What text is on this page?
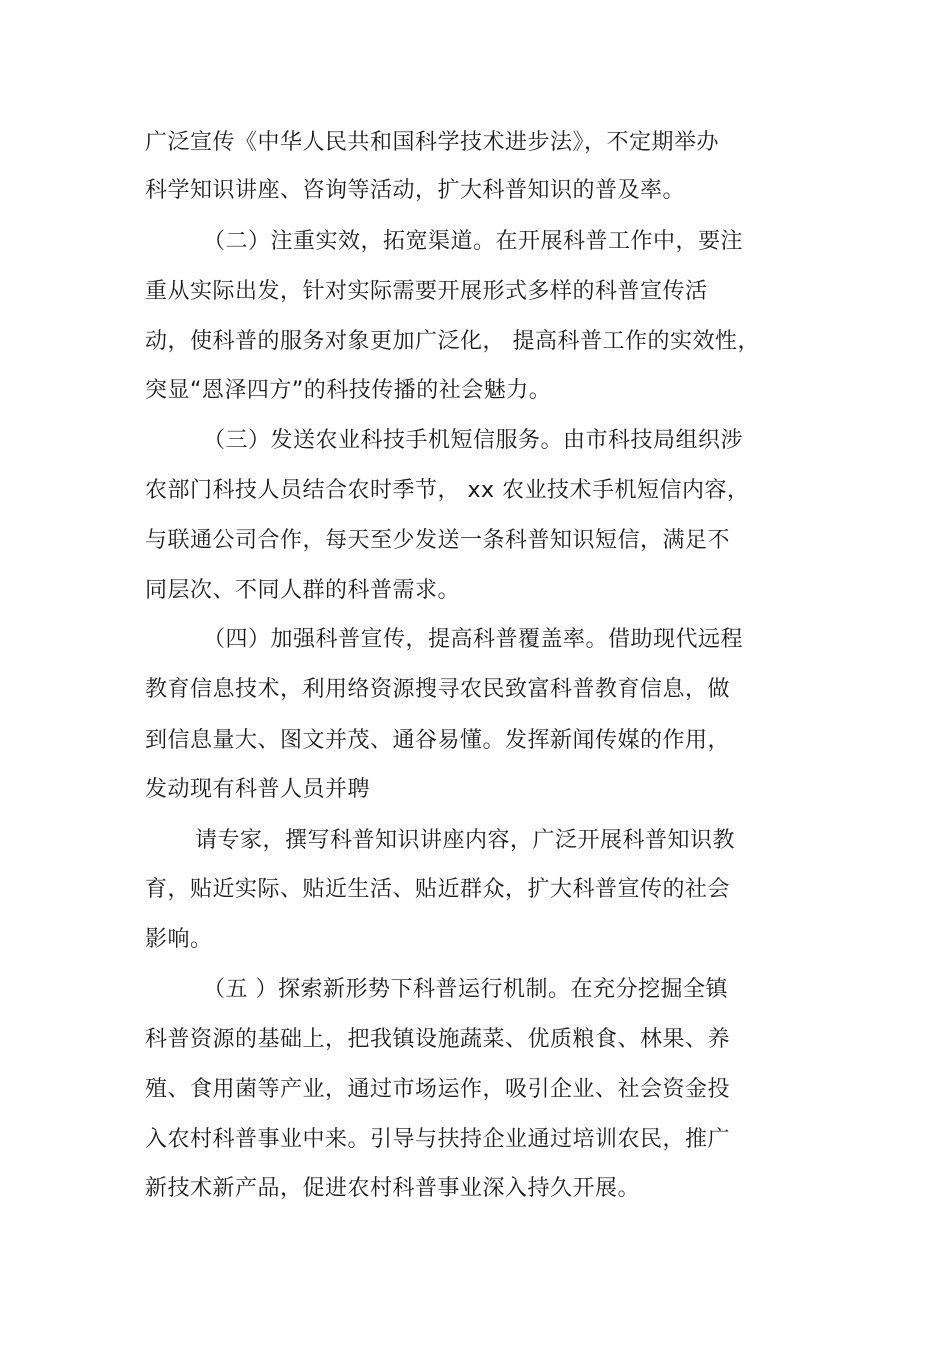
广泛宣传《中华人民共和国科学技术进步法》，不定期举办
科学知识讲座、咨询等活动，扩大科普知识的普及率。
（二）注重实效，拓宽渠道。在开展科普工作中，要注
重从实际出发，针对实际需要开展形式多样的科普宣传活
动，使科普的服务对象更加广泛化， 提高科普工作的实效性，
突显“恩泽四方”的科技传播的社会魅力。
（三）发送农业科技手机短信服务。由市科技局组织涉
农部门科技人员结合农时季节， xx 农业技术手机短信内容，
与联通公司合作，每天至少发送一条科普知识短信，满足不
同层次、不同人群的科普需求。
（四）加强科普宣传，提高科普覆盖率。借助现代远程
教育信息技术，利用络资源搜寻农民致富科普教育信息，做
到信息量大、图文并茂、通谷易懂。发挥新闻传媒的作用，
发动现有科普人员并聘
请专家，撰写科普知识讲座内容，广泛开展科普知识教
育，贴近实际、贴近生活、贴近群众，扩大科普宣传的社会
影响。
（五 ）探索新形势下科普运行机制。在充分挖掘全镇
科普资源的基础上，把我镇设施蔬菜、优质粮食、林果、养
殖、食用菌等产业，通过市场运作，吸引企业、社会资金投
入农村科普事业中来。引导与扶持企业通过培训农民，推广
新技术新产品，促进农村科普事业深入持久开展。
